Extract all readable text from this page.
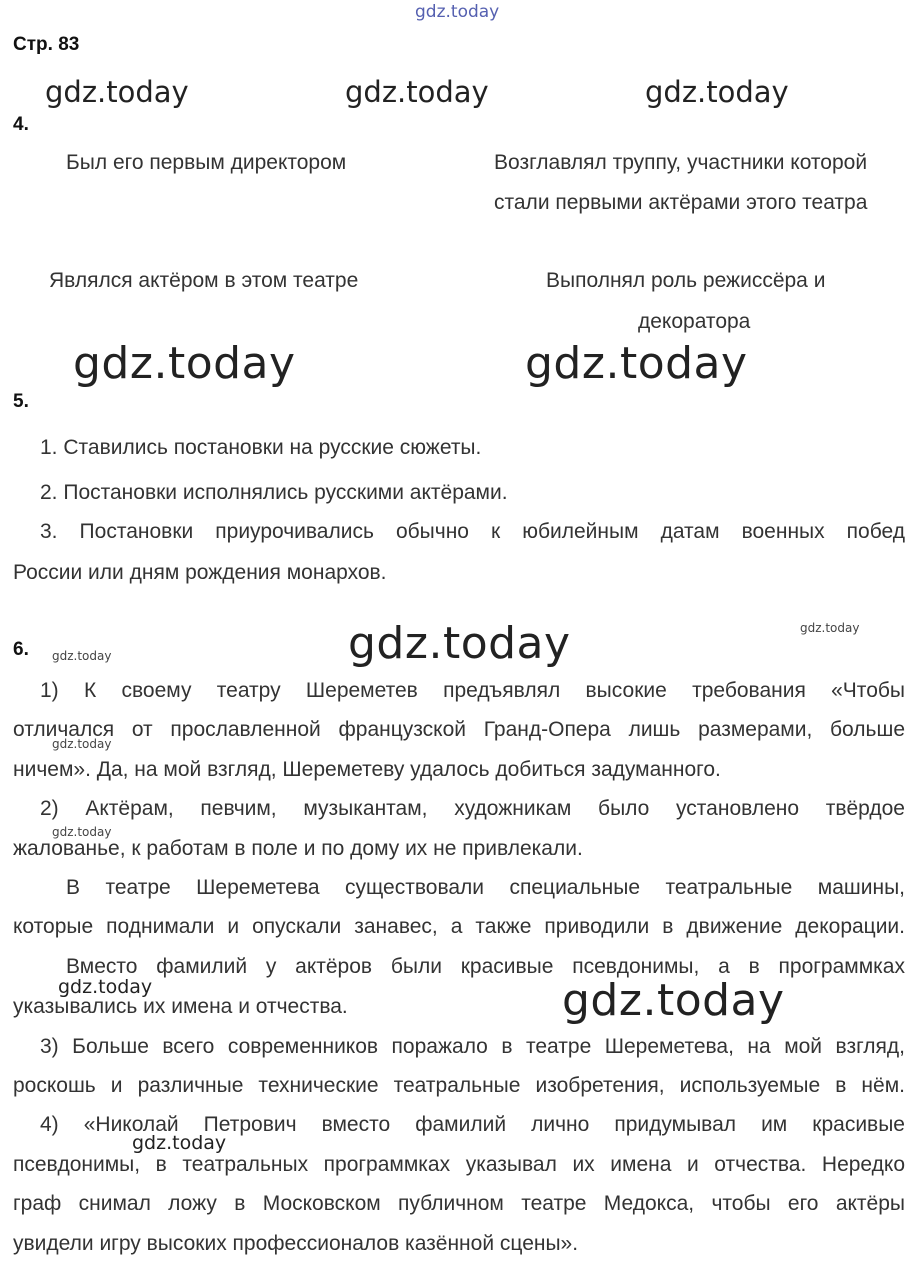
gdz.today
gdz.today	gdz.today	gdz.today
gdz.today	gdz.today
gdz.today	gdz.today
gdz.today
gdz.today
gdz.today
gdz.today	gdz.today
gdz.today
Стр. 83
4.
Был его первым директором	Возглавлял труппу, участники которой
стали первыми актёрами этого театра
Являлся актёром в этом театре	Выполнял роль режиссёра и
декоратора
5.
1. Ставились постановки на русские сюжеты.
2. Постановки исполнялись русскими актёрами.
3. Постановки приурочивались обычно к юбилейным датам военных побед
России или дням рождения монархов.
6.
1) К своему театру Шереметев предъявлял высокие требования «Чтобы
отличался от прославленной французской Гранд-Опера лишь размерами, больше
ничем». Да, на мой взгляд, Шереметеву удалось добиться задуманного.
2) Актёрам, певчим, музыкантам, художникам было установлено твёрдое
жалованье, к работам в поле и по дому их не привлекали.
В театре Шереметева существовали специальные театральные машины,
которые поднимали и опускали занавес, а также приводили в движение декорации.
Вместо фамилий у актёров были красивые псевдонимы, а в программках
указывались их имена и отчества.
3) Больше всего современников поражало в театре Шереметева, на мой взгляд,
роскошь и различные технические театральные изобретения, используемые в нём.
4) «Николай Петрович вместо фамилий лично придумывал им красивые
псевдонимы, в театральных программках указывал их имена и отчества. Нередко
граф снимал ложу в Московском публичном театре Медокса, чтобы его актёры
увидели игру высоких профессионалов казённой сцены».
